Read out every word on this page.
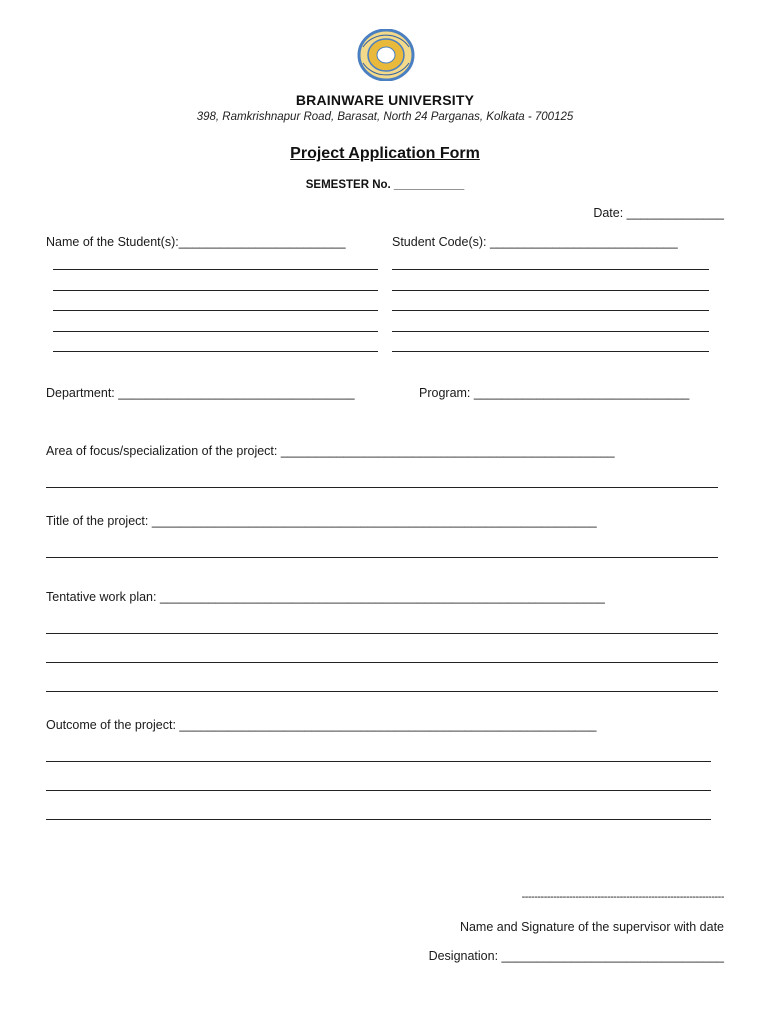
BRAINWARE UNIVERSITY
398, Ramkrishnapur Road, Barasat, North 24 Parganas, Kolkata - 700125
Project Application Form
SEMESTER No. ___________
Date: ______________
Name of the Student(s):________________________	Student Code(s): ___________________________
Department: __________________________________	Program: _______________________________
Area of focus/specialization of the project: ________________________________________________
Title of the project: ________________________________________________________________
Tentative work plan: ________________________________________________________________
Outcome of the project: ____________________________________________________________
----------------------------------------------------------------
Name and Signature of the supervisor with date
Designation: ________________________________
